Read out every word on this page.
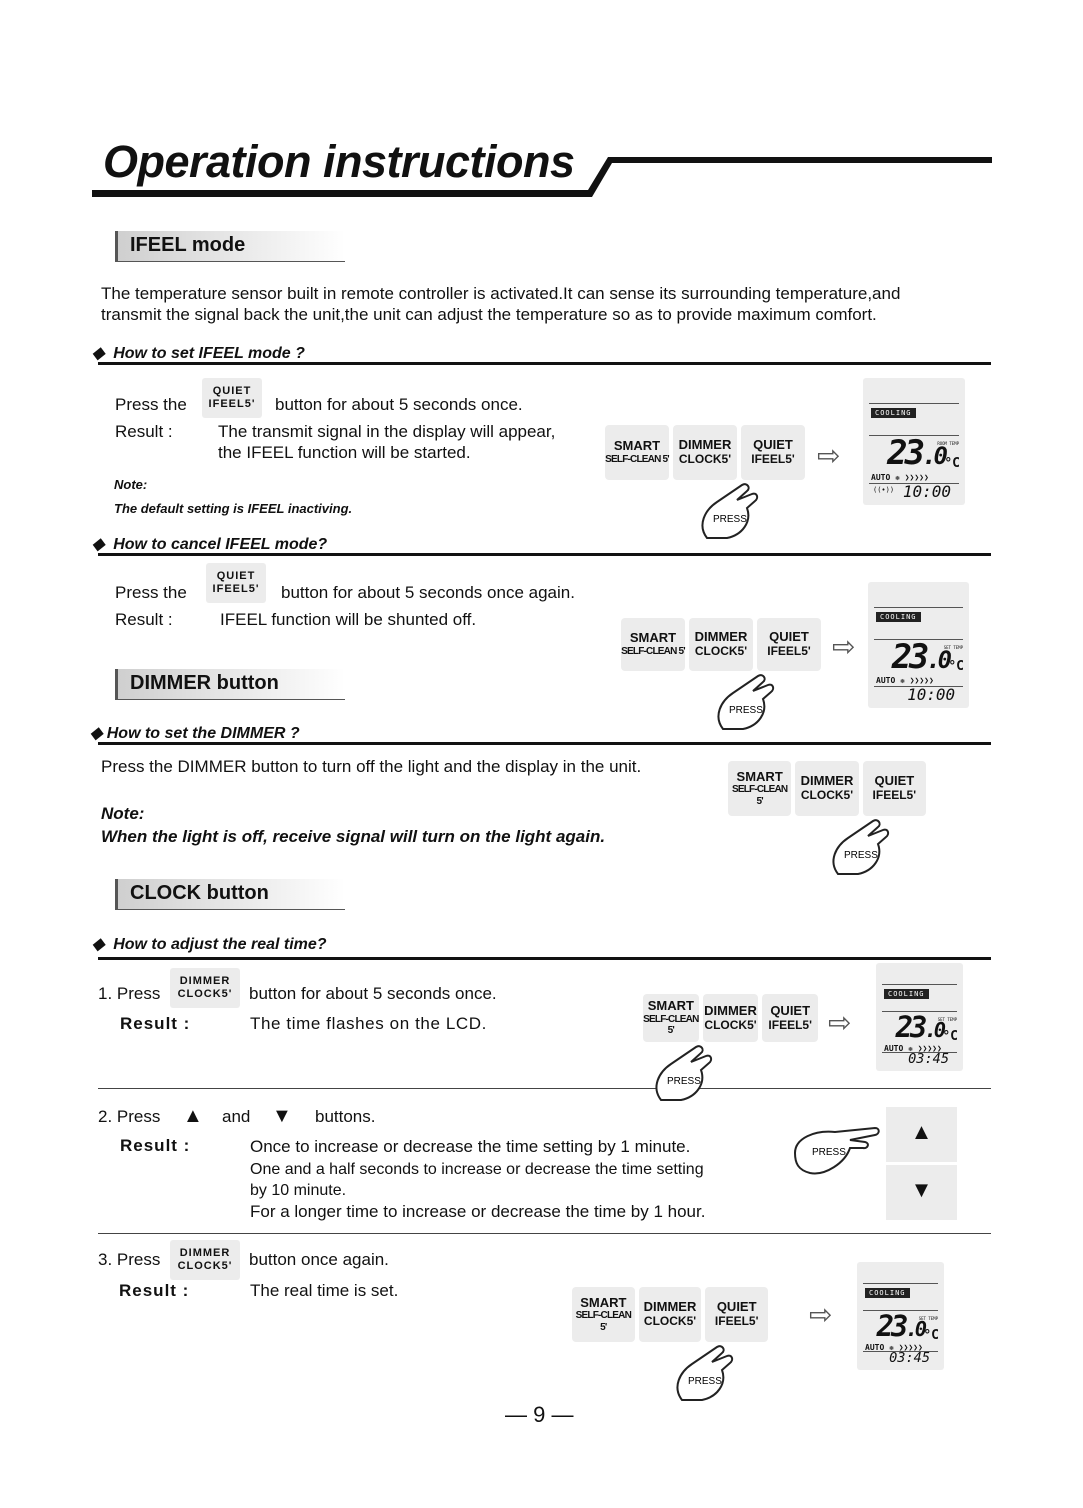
Operation instructions
IFEEL mode
The temperature sensor built in remote controller is activated.It can sense its surrounding temperature,and
transmit the signal back the unit,the unit can adjust the temperature so as to provide maximum comfort.
◆  How to set IFEEL mode ?
Press the
QUIET
IFEEL5'	button for about 5 seconds once.
Result :	The transmit signal in the display will appear,
the IFEEL function will be started.
Note:
The default setting is IFEEL inactiving.
SMART
SELF-CLEAN 5'
DIMMER
CLOCK5'
QUIET
IFEEL5'
PRESS
⇨
COOLING
ROOM TEMP
23.0 °C
AUTO ❋ ❯❯❯❯❯
((•)) 10:00
◆  How to cancel IFEEL mode?
Press the
QUIET
IFEEL5'	button for about 5 seconds once again.
Result :	IFEEL function will be shunted off.
SMART
SELF-CLEAN 5'
DIMMER
CLOCK5'
QUIET
IFEEL5'
PRESS
⇨
COOLING
SET TEMP
23.0 °C
AUTO ❋ ❯❯❯❯❯
10:00
DIMMER button
◆ How to set the DIMMER ?
Press the DIMMER button to turn off the light and the display in the unit.
Note:
When the light is off, receive signal will turn on the light again.
SMART
SELF-CLEAN 5'
DIMMER
CLOCK5'
QUIET
IFEEL5'
PRESS
CLOCK button
◆  How to adjust the real time?
1. Press
DIMMER
CLOCK5' button for about 5 seconds once.
Result :	The time flashes on the LCD.
SMART
SELF-CLEAN 5'
DIMMER
CLOCK5'
QUIET
IFEEL5'
PRESS
⇨
COOLING
SET TEMP
23.0 °C
AUTO ❋ ❯❯❯❯❯
03:45
2. Press ▲ and ▼ buttons.
Result :	Once to increase or decrease the time setting by 1 minute.
One and a half seconds to increase or decrease the time setting
by 10 minute.
For a longer time to increase or decrease the time by 1 hour.
PRESS
▲
▼
3. Press	DIMMER
CLOCK5' button once again.
Result :	The real time is set.
SMART
SELF-CLEAN 5'
DIMMER
CLOCK5'
QUIET
IFEEL5'
PRESS
⇨
COOLING
SET TEMP
23.0 °C
AUTO ❋ ❯❯❯❯❯
03:45
— 9 —
